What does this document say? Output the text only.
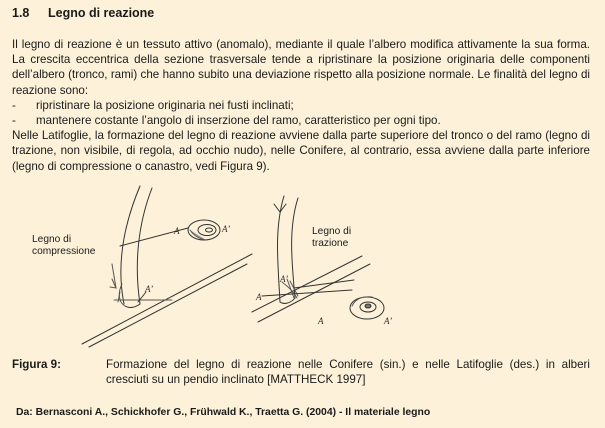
1.8 Legno di reazione

Il legno di reazione è un tessuto attivo (anomalo), mediante il quale l’albero modifica attivamente la sua forma. La crescita eccentrica della sezione trasversale tende a ripristinare la posizione originaria delle componenti dell’albero (tronco, rami) che hanno subito una deviazione rispetto alla posizione normale. Le finalità del legno di reazione sono:

-	ripristinare la posizione originaria nei fusti inclinati;
-	mantenere costante l’angolo di inserzione del ramo, caratteristico per ogni tipo.

Nelle Latifoglie, la formazione del legno di reazione avviene dalla parte superiore del tronco o del ramo (legno di trazione, non visibile, di regola, ad occhio nudo), nelle Conifere, al contrario, essa avviene dalla parte inferiore (legno di compressione o canastro, vedi Figura 9).

A	A’
A’
A
A’
A	A’
Legno di
compressione
Legno di
trazione
Figura 9:	Formazione del legno di reazione nelle Conifere (sin.) e nelle Latifoglie (des.) in alberi cresciuti su un pendio inclinato [MATTHECK 1997]
Da: Bernasconi A., Schickhofer G., Frühwald K., Traetta G. (2004) - Il materiale legno
